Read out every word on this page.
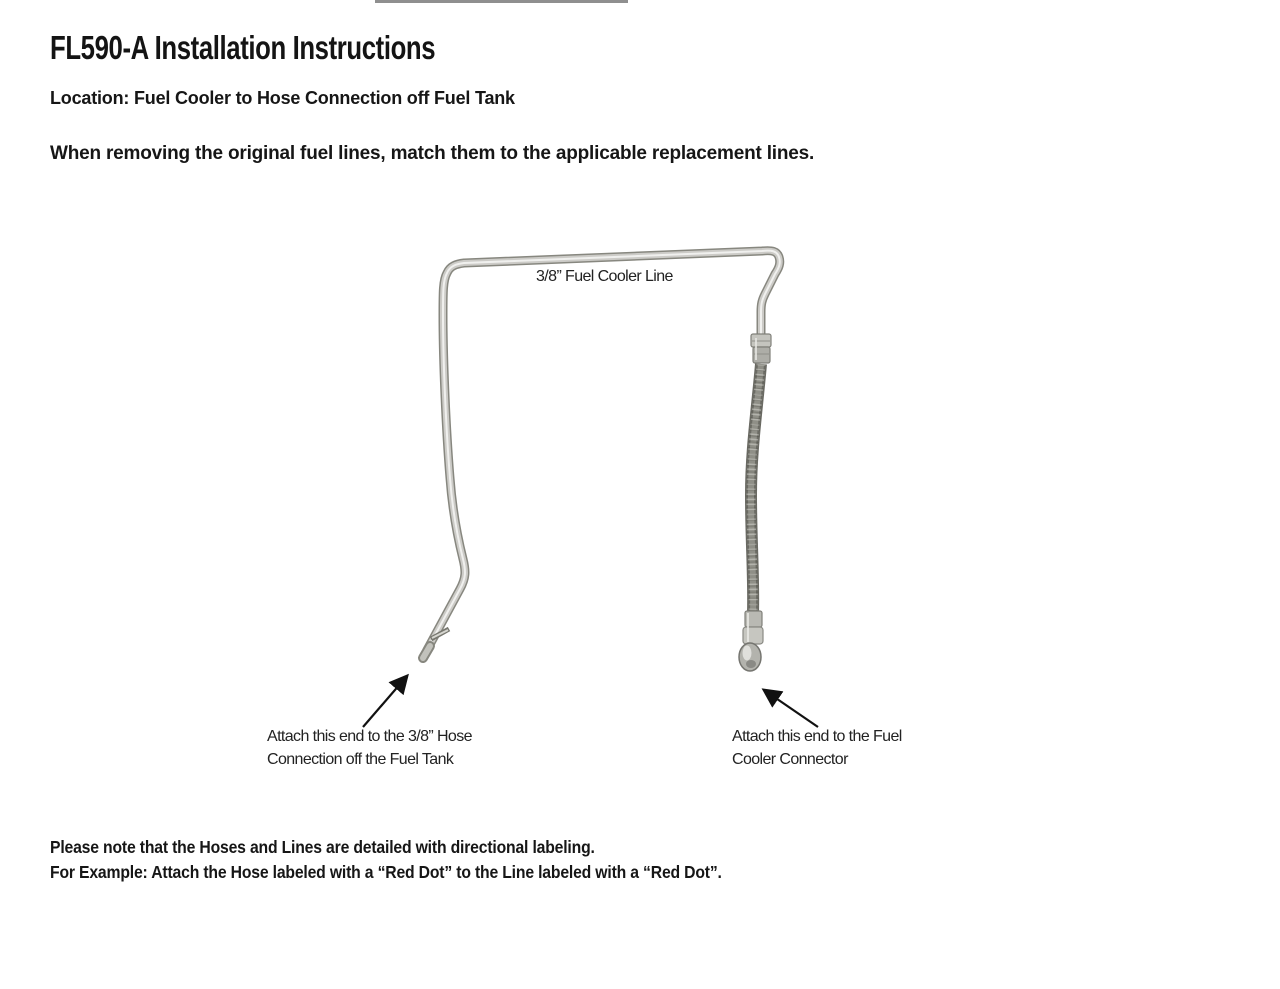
FL590-A Installation Instructions
Location: Fuel Cooler to Hose Connection off Fuel Tank
When removing the original fuel lines, match them to the applicable replacement lines.
3/8” Fuel Cooler Line
Attach this end to the 3/8” Hose
Connection off the Fuel Tank
Attach this end to the Fuel
Cooler Connector
Please note that the Hoses and Lines are detailed with directional labeling.
For Example: Attach the Hose labeled with a “Red Dot” to the Line labeled with a “Red Dot”.
